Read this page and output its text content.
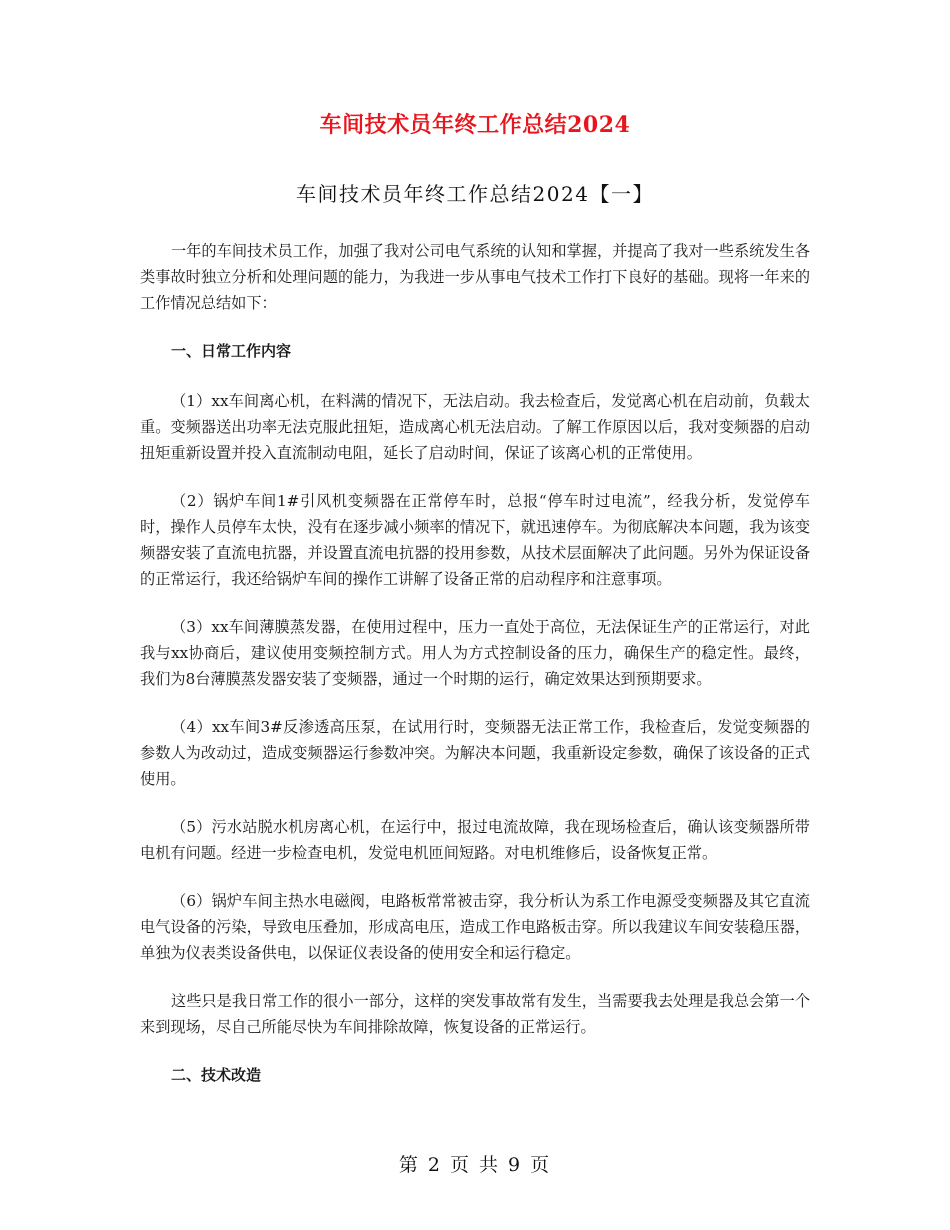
车间技术员年终工作总结2024
车间技术员年终工作总结2024【一】

一年的车间技术员工作，加强了我对公司电气系统的认知和掌握，并提高了我对一些系统发生各类事故时独立分析和处理问题的能力，为我进一步从事电气技术工作打下良好的基础。现将一年来的工作情况总结如下：

一、日常工作内容

（1）xx车间离心机，在料满的情况下，无法启动。我去检查后，发觉离心机在启动前，负载太重。变频器送出功率无法克服此扭矩，造成离心机无法启动。了解工作原因以后，我对变频器的启动扭矩重新设置并投入直流制动电阻，延长了启动时间，保证了该离心机的正常使用。

（2）锅炉车间1#引风机变频器在正常停车时，总报“停车时过电流”，经我分析，发觉停车时，操作人员停车太快，没有在逐步减小频率的情况下，就迅速停车。为彻底解决本问题，我为该变频器安装了直流电抗器，并设置直流电抗器的投用参数，从技术层面解决了此问题。另外为保证设备的正常运行，我还给锅炉车间的操作工讲解了设备正常的启动程序和注意事项。

（3）xx车间薄膜蒸发器，在使用过程中，压力一直处于高位，无法保证生产的正常运行，对此我与xx协商后，建议使用变频控制方式。用人为方式控制设备的压力，确保生产的稳定性。最终，我们为8台薄膜蒸发器安装了变频器，通过一个时期的运行，确定效果达到预期要求。

（4）xx车间3#反渗透高压泵，在试用行时，变频器无法正常工作，我检查后，发觉变频器的参数人为改动过，造成变频器运行参数冲突。为解决本问题，我重新设定参数，确保了该设备的正式使用。

（5）污水站脱水机房离心机，在运行中，报过电流故障，我在现场检查后，确认该变频器所带电机有问题。经进一步检查电机，发觉电机匝间短路。对电机维修后，设备恢复正常。

（6）锅炉车间主热水电磁阀，电路板常常被击穿，我分析认为系工作电源受变频器及其它直流电气设备的污染，导致电压叠加，形成高电压，造成工作电路板击穿。所以我建议车间安装稳压器，单独为仪表类设备供电，以保证仪表设备的使用安全和运行稳定。

这些只是我日常工作的很小一部分，这样的突发事故常有发生，当需要我去处理是我总会第一个来到现场，尽自己所能尽快为车间排除故障，恢复设备的正常运行。

二、技术改造
第 2 页 共 9 页
